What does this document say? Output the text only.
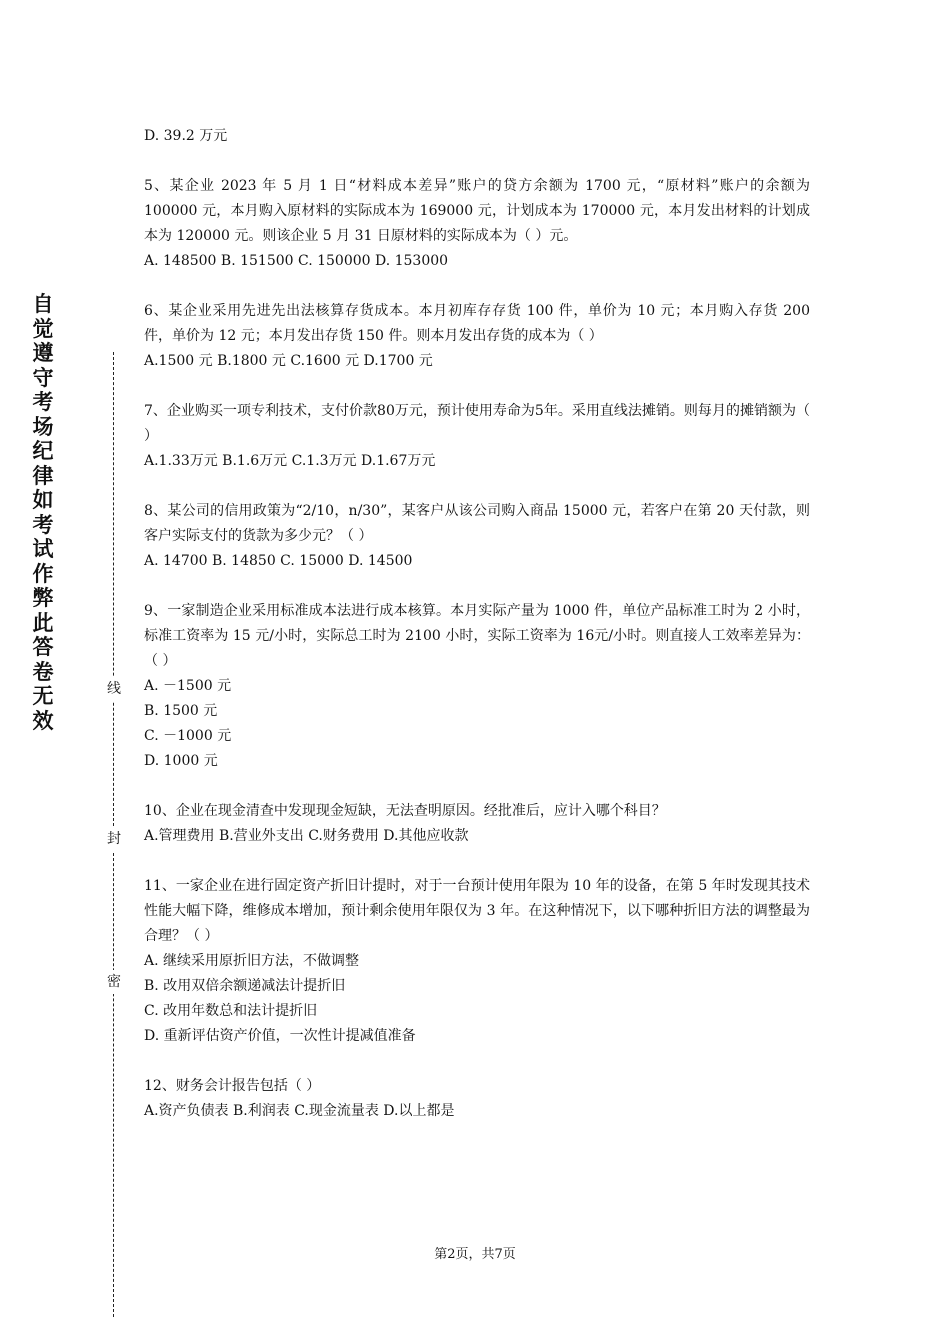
自觉遵守考场纪律如考试作弊此答卷无效
线
封
密

D. 39.2 万元

5、某企业 2023 年 5 月 1 日“材料成本差异”账户的贷方余额为 1700 元，“原材料”账户的余额为 100000 元，本月购入原材料的实际成本为 169000 元，计划成本为 170000 元，本月发出材料的计划成本为 120000 元。则该企业 5 月 31 日原材料的实际成本为（ ）元。

A. 148500 B. 151500 C. 150000 D. 153000

6、某企业采用先进先出法核算存货成本。本月初库存存货 100 件，单价为 10 元；本月购入存货 200 件，单价为 12 元；本月发出存货 150 件。则本月发出存货的成本为（ ）

A.1500 元 B.1800 元 C.1600 元 D.1700 元

7、企业购买一项专利技术，支付价款80万元，预计使用寿命为5年。采用直线法摊销。则每月的摊销额为（ ）

A.1.33万元 B.1.6万元 C.1.3万元 D.1.67万元

8、某公司的信用政策为“2/10，n/30”，某客户从该公司购入商品 15000 元，若客户在第 20 天付款，则客户实际支付的货款为多少元？（ ）

A. 14700 B. 14850 C. 15000 D. 14500

9、一家制造企业采用标准成本法进行成本核算。本月实际产量为 1000 件，单位产品标准工时为 2 小时，标准工资率为 15 元/小时，实际总工时为 2100 小时，实际工资率为 16元/小时。则直接人工效率差异为：（ ）

A. －1500 元

B. 1500 元

C. －1000 元

D. 1000 元

10、企业在现金清查中发现现金短缺，无法查明原因。经批准后，应计入哪个科目？

A.管理费用 B.营业外支出 C.财务费用 D.其他应收款

11、一家企业在进行固定资产折旧计提时，对于一台预计使用年限为 10 年的设备，在第 5 年时发现其技术性能大幅下降，维修成本增加，预计剩余使用年限仅为 3 年。在这种情况下，以下哪种折旧方法的调整最为合理？（ ）

A. 继续采用原折旧方法，不做调整

B. 改用双倍余额递减法计提折旧

C. 改用年数总和法计提折旧

D. 重新评估资产价值，一次性计提减值准备

12、财务会计报告包括（ ）

A.资产负债表 B.利润表 C.现金流量表 D.以上都是

第2页，共7页
